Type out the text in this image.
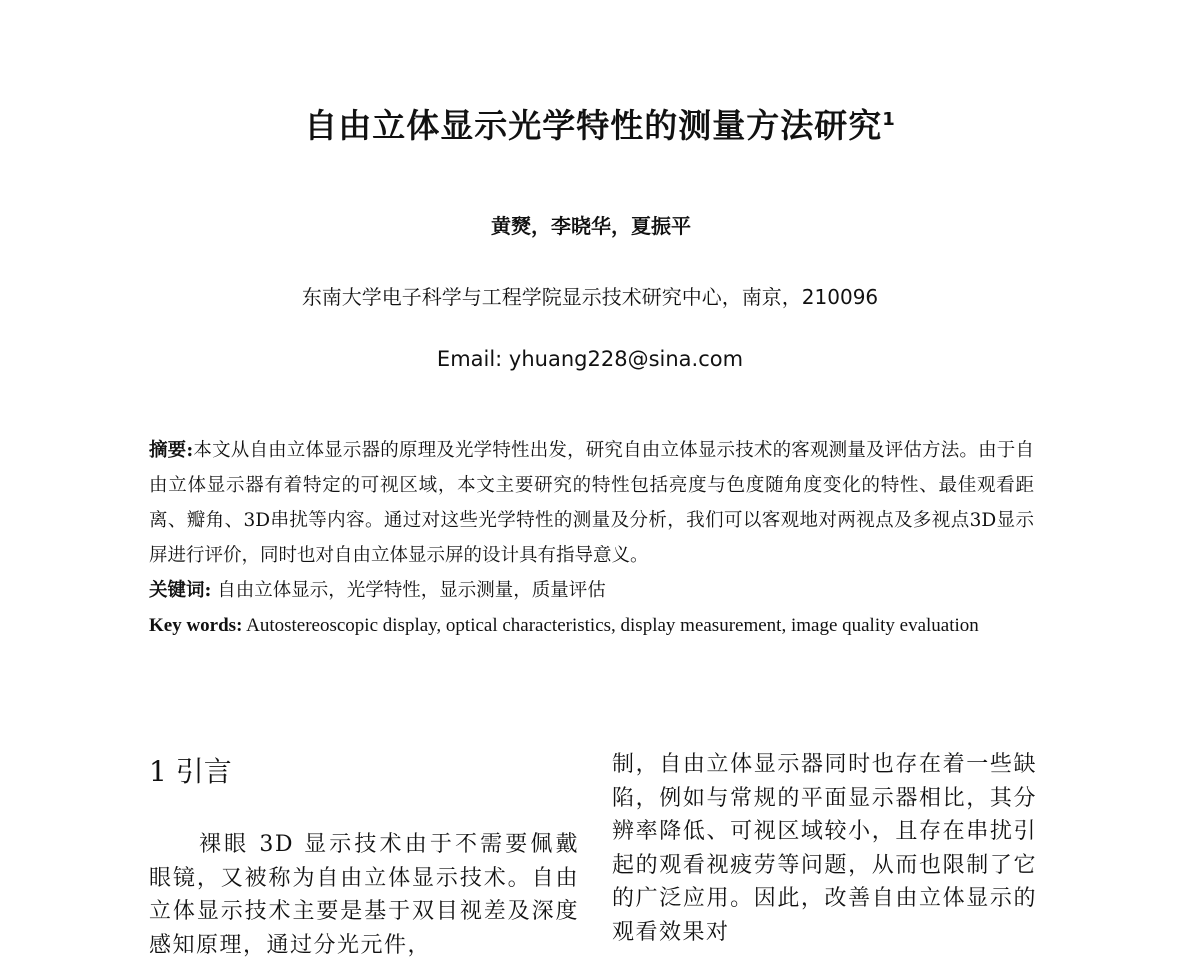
自由立体显示光学特性的测量方法研究$^1$
黄燹，李晓华，夏振平
东南大学电子科学与工程学院显示技术研究中心，南京，210096
Email: yhuang228@sina.com

摘要:本文从自由立体显示器的原理及光学特性出发，研究自由立体显示技术的客观测量及评估方法。由于自由立体显示器有着特定的可视区域，本文主要研究的特性包括亮度与色度随角度变化的特性、最佳观看距离、瓣角、3D串扰等内容。通过对这些光学特性的测量及分析，我们可以客观地对两视点及多视点3D显示屏进行评价，同时也对自由立体显示屏的设计具有指导意义。

关键词: 自由立体显示，光学特性，显示测量，质量评估

Key words: Autostereoscopic display, optical characteristics, display measurement, image quality evaluation

1 引言

裸眼 3D 显示技术由于不需要佩戴眼镜，又被称为自由立体显示技术。自由立体显示技术主要是基于双目视差及深度感知原理，通过分光元件，

制，自由立体显示器同时也存在着一些缺陷，例如与常规的平面显示器相比，其分辨率降低、可视区域较小，且存在串扰引起的观看视疲劳等问题，从而也限制了它的广泛应用。因此，改善自由立体显示的观看效果对
